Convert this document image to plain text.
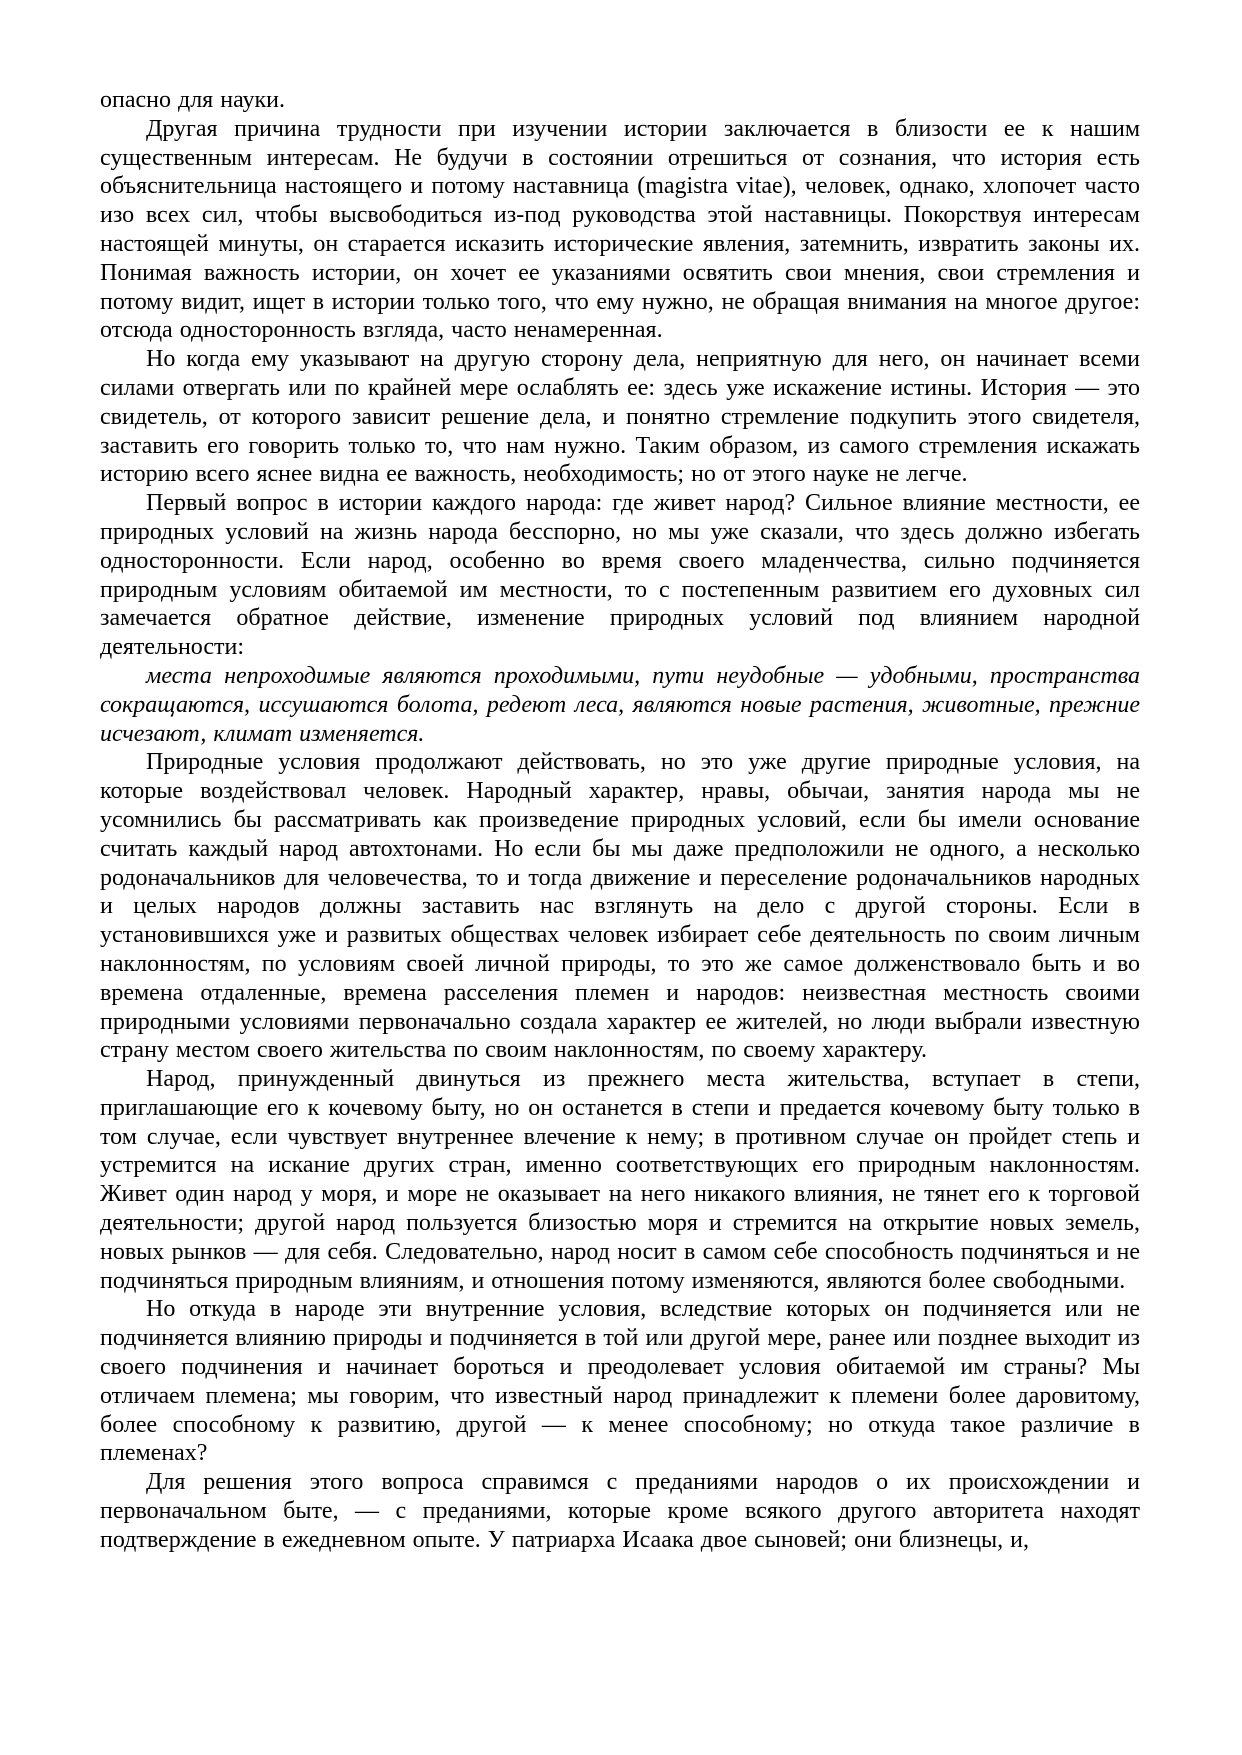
опасно для науки.

Другая причина трудности при изучении истории заключается в близости ее к нашим существенным интересам. Не будучи в состоянии отрешиться от сознания, что история есть объяснительница настоящего и потому наставница (magistra vitae), человек, однако, хлопочет часто изо всех сил, чтобы высвободиться из-под руководства этой наставницы. Покорствуя интересам настоящей минуты, он старается исказить исторические явления, затемнить, извратить законы их. Понимая важность истории, он хочет ее указаниями освятить свои мнения, свои стремления и потому видит, ищет в истории только того, что ему нужно, не обращая внимания на многое другое: отсюда односторонность взгляда, часто ненамеренная.

Но когда ему указывают на другую сторону дела, неприятную для него, он начинает всеми силами отвергать или по крайней мере ослаблять ее: здесь уже искажение истины. История — это свидетель, от которого зависит решение дела, и понятно стремление подкупить этого свидетеля, заставить его говорить только то, что нам нужно. Таким образом, из самого стремления искажать историю всего яснее видна ее важность, необходимость; но от этого науке не легче.

Первый вопрос в истории каждого народа: где живет народ? Сильное влияние местности, ее природных условий на жизнь народа бесспорно, но мы уже сказали, что здесь должно избегать односторонности. Если народ, особенно во время своего младенчества, сильно подчиняется природным условиям обитаемой им местности, то с постепенным развитием его духовных сил замечается обратное действие, изменение природных условий под влиянием народной деятельности:

места непроходимые являются проходимыми, пути неудобные — удобными, пространства сокращаются, иссушаются болота, редеют леса, являются новые растения, животные, прежние исчезают, климат изменяется.

Природные условия продолжают действовать, но это уже другие природные условия, на которые воздействовал человек. Народный характер, нравы, обычаи, занятия народа мы не усомнились бы рассматривать как произведение природных условий, если бы имели основание считать каждый народ автохтонами. Но если бы мы даже предположили не одного, а несколько родоначальников для человечества, то и тогда движение и переселение родоначальников народных и целых народов должны заставить нас взглянуть на дело с другой стороны. Если в установившихся уже и развитых обществах человек избирает себе деятельность по своим личным наклонностям, по условиям своей личной природы, то это же самое долженствовало быть и во времена отдаленные, времена расселения племен и народов: неизвестная местность своими природными условиями первоначально создала характер ее жителей, но люди выбрали известную страну местом своего жительства по своим наклонностям, по своему характеру.

Народ, принужденный двинуться из прежнего места жительства, вступает в степи, приглашающие его к кочевому быту, но он останется в степи и предается кочевому быту только в том случае, если чувствует внутреннее влечение к нему; в противном случае он пройдет степь и устремится на искание других стран, именно соответствующих его природным наклонностям. Живет один народ у моря, и море не оказывает на него никакого влияния, не тянет его к торговой деятельности; другой народ пользуется близостью моря и стремится на открытие новых земель, новых рынков — для себя. Следовательно, народ носит в самом себе способность подчиняться и не подчиняться природным влияниям, и отношения потому изменяются, являются более свободными.

Но откуда в народе эти внутренние условия, вследствие которых он подчиняется или не подчиняется влиянию природы и подчиняется в той или другой мере, ранее или позднее выходит из своего подчинения и начинает бороться и преодолевает условия обитаемой им страны? Мы отличаем племена; мы говорим, что известный народ принадлежит к племени более даровитому, более способному к развитию, другой — к менее способному; но откуда такое различие в племенах?

Для решения этого вопроса справимся с преданиями народов о их происхождении и первоначальном быте, — с преданиями, которые кроме всякого другого авторитета находят подтверждение в ежедневном опыте. У патриарха Исаака двое сыновей; они близнецы, и,
